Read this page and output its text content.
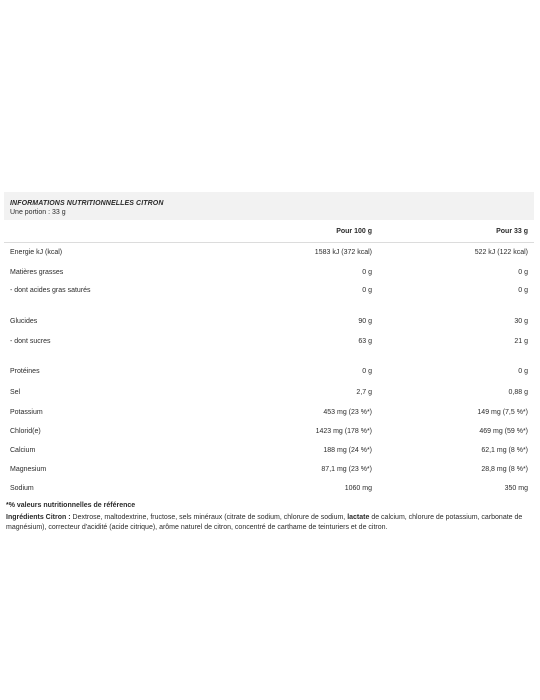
INFORMATIONS NUTRITIONNELLES CITRON
Une portion : 33 g
	Pour 100 g	Pour 33 g
Energie kJ (kcal)	1583 kJ (372 kcal)	522 kJ (122 kcal)
Matières grasses	0 g	0 g
- dont acides gras saturés	0 g	0 g
Glucides	90 g	30 g
- dont sucres	63 g	21 g
Protéines	0 g	0 g
Sel	2,7 g	0,88 g
Potassium	453 mg (23 %*)	149 mg (7,5 %*)
Chlorid(e)	1423 mg (178 %*)	469 mg (59 %*)
Calcium	188 mg (24 %*)	62,1 mg (8 %*)
Magnesium	87,1 mg (23 %*)	28,8 mg (8 %*)
Sodium	1060 mg	350 mg
*% valeurs nutritionnelles de référence
Ingrédients Citron : Dextrose, maltodextrine, fructose, sels minéraux (citrate de sodium, chlorure de sodium, lactate de calcium, chlorure de potassium, carbonate de magnésium), correcteur d'acidité (acide citrique), arôme naturel de citron, concentré de carthame de teinturiers et de citron.
